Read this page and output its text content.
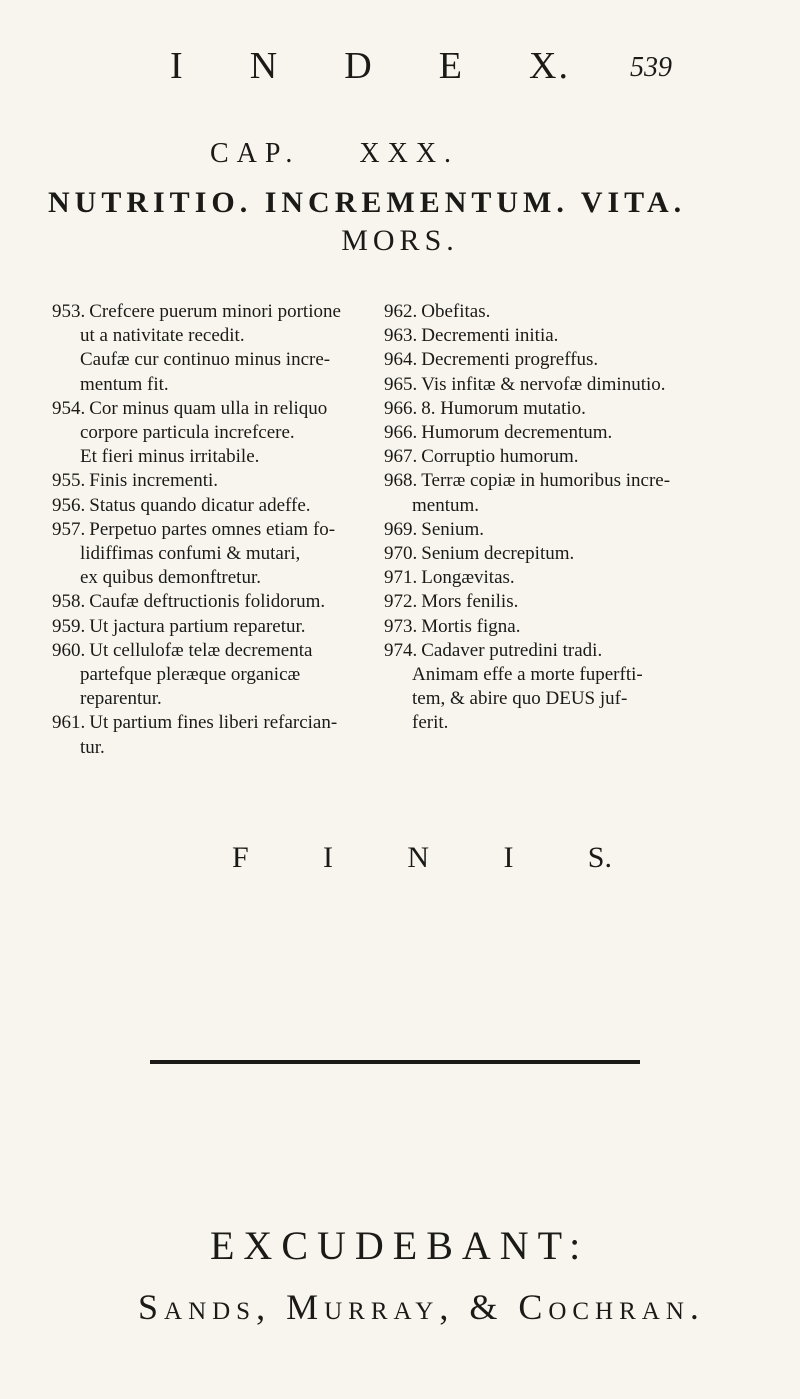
I N D E X. 539
CAP. XXX.
NUTRITIO. INCREMENTUM. VITA.
MORS.
953. Crefcere puerum minori portione
ut a nativitate recedit.
Caufæ cur continuo minus incre-
mentum fit.
954. Cor minus quam ulla in reliquo
corpore particula increfcere.
Et fieri minus irritabile.
955. Finis incrementi.
956. Status quando dicatur adeffe.
957. Perpetuo partes omnes etiam fo-
lidiffimas confumi & mutari,
ex quibus demonftretur.
958. Caufæ deftructionis folidorum.
959. Ut jactura partium reparetur.
960. Ut cellulofæ telæ decrementa
partefque pleræque organicæ
reparentur.
961. Ut partium fines liberi refarcian-
tur.
962. Obefitas.
963. Decrementi initia.
964. Decrementi progreffus.
965. Vis infitæ & nervofæ diminutio.
966. 8. Humorum mutatio.
966. Humorum decrementum.
967. Corruptio humorum.
968. Terræ copiæ in humoribus incre-
mentum.
969. Senium.
970. Senium decrepitum.
971. Longævitas.
972. Mors fenilis.
973. Mortis figna.
974. Cadaver putredini tradi.
Animam effe a morte fuperfti-
tem, & abire quo DEUS juf-
ferit.
F I N I S.
EXCUDEBANT:
Sands, Murray, & Cochran.
